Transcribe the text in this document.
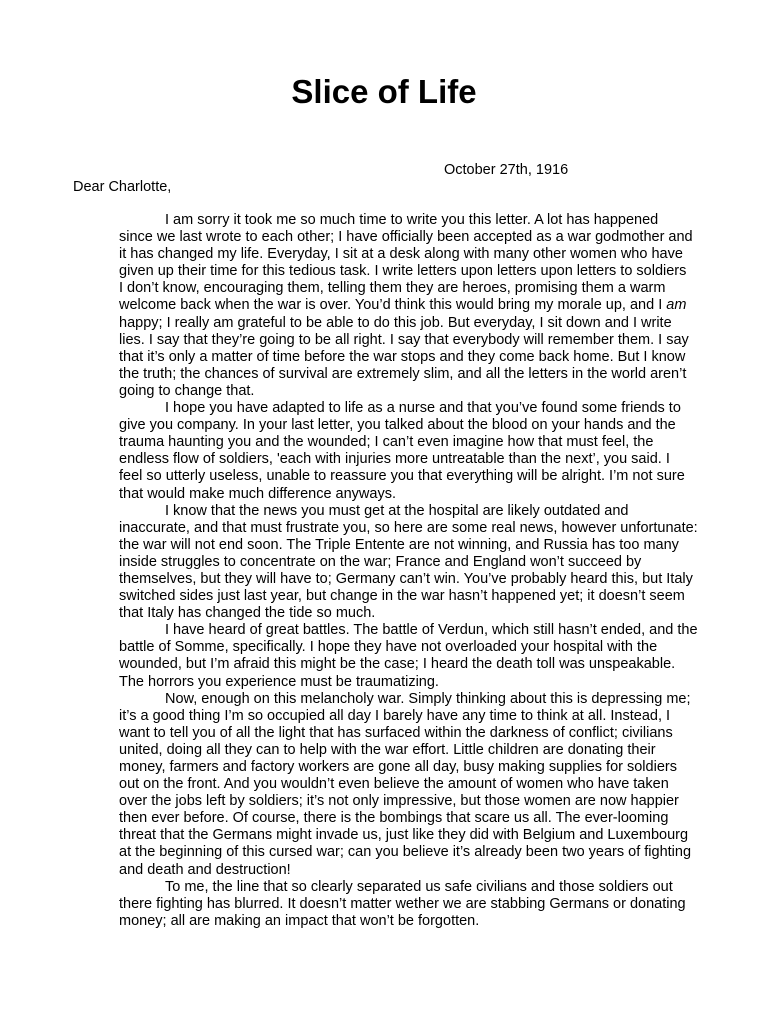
Slice of Life

October 27th, 1916

Dear Charlotte,

I am sorry it took me so much time to write you this letter. A lot has happened
since we last wrote to each other; I have officially been accepted as a war godmother and
it has changed my life. Everyday, I sit at a desk along with many other women who have
given up their time for this tedious task. I write letters upon letters upon letters to soldiers
I don’t know, encouraging them, telling them they are heroes, promising them a warm
welcome back when the war is over. You’d think this would bring my morale up, and I am
happy; I really am grateful to be able to do this job. But everyday, I sit down and I write
lies. I say that they’re going to be all right. I say that everybody will remember them. I say
that it’s only a matter of time before the war stops and they come back home. But I know
the truth; the chances of survival are extremely slim, and all the letters in the world aren’t
going to change that.
I hope you have adapted to life as a nurse and that you’ve found some friends to
give you company. In your last letter, you talked about the blood on your hands and the
trauma haunting you and the wounded; I can’t even imagine how that must feel, the
endless flow of soldiers, 'each with injuries more untreatable than the next’, you said. I
feel so utterly useless, unable to reassure you that everything will be alright. I’m not sure
that would make much difference anyways.
I know that the news you must get at the hospital are likely outdated and
inaccurate, and that must frustrate you, so here are some real news, however unfortunate:
the war will not end soon. The Triple Entente are not winning, and Russia has too many
inside struggles to concentrate on the war; France and England won’t succeed by
themselves, but they will have to; Germany can’t win. You’ve probably heard this, but Italy
switched sides just last year, but change in the war hasn’t happened yet; it doesn’t seem
that Italy has changed the tide so much.
I have heard of great battles. The battle of Verdun, which still hasn’t ended, and the
battle of Somme, specifically. I hope they have not overloaded your hospital with the
wounded, but I’m afraid this might be the case; I heard the death toll was unspeakable.
The horrors you experience must be traumatizing.
Now, enough on this melancholy war. Simply thinking about this is depressing me;
it’s a good thing I’m so occupied all day I barely have any time to think at all. Instead, I
want to tell you of all the light that has surfaced within the darkness of conflict; civilians
united, doing all they can to help with the war effort. Little children are donating their
money, farmers and factory workers are gone all day, busy making supplies for soldiers
out on the front. And you wouldn’t even believe the amount of women who have taken
over the jobs left by soldiers; it’s not only impressive, but those women are now happier
then ever before. Of course, there is the bombings that scare us all. The ever-looming
threat that the Germans might invade us, just like they did with Belgium and Luxembourg
at the beginning of this cursed war; can you believe it’s already been two years of fighting
and death and destruction!
To me, the line that so clearly separated us safe civilians and those soldiers out
there fighting has blurred. It doesn’t matter wether we are stabbing Germans or donating
money; all are making an impact that won’t be forgotten.
